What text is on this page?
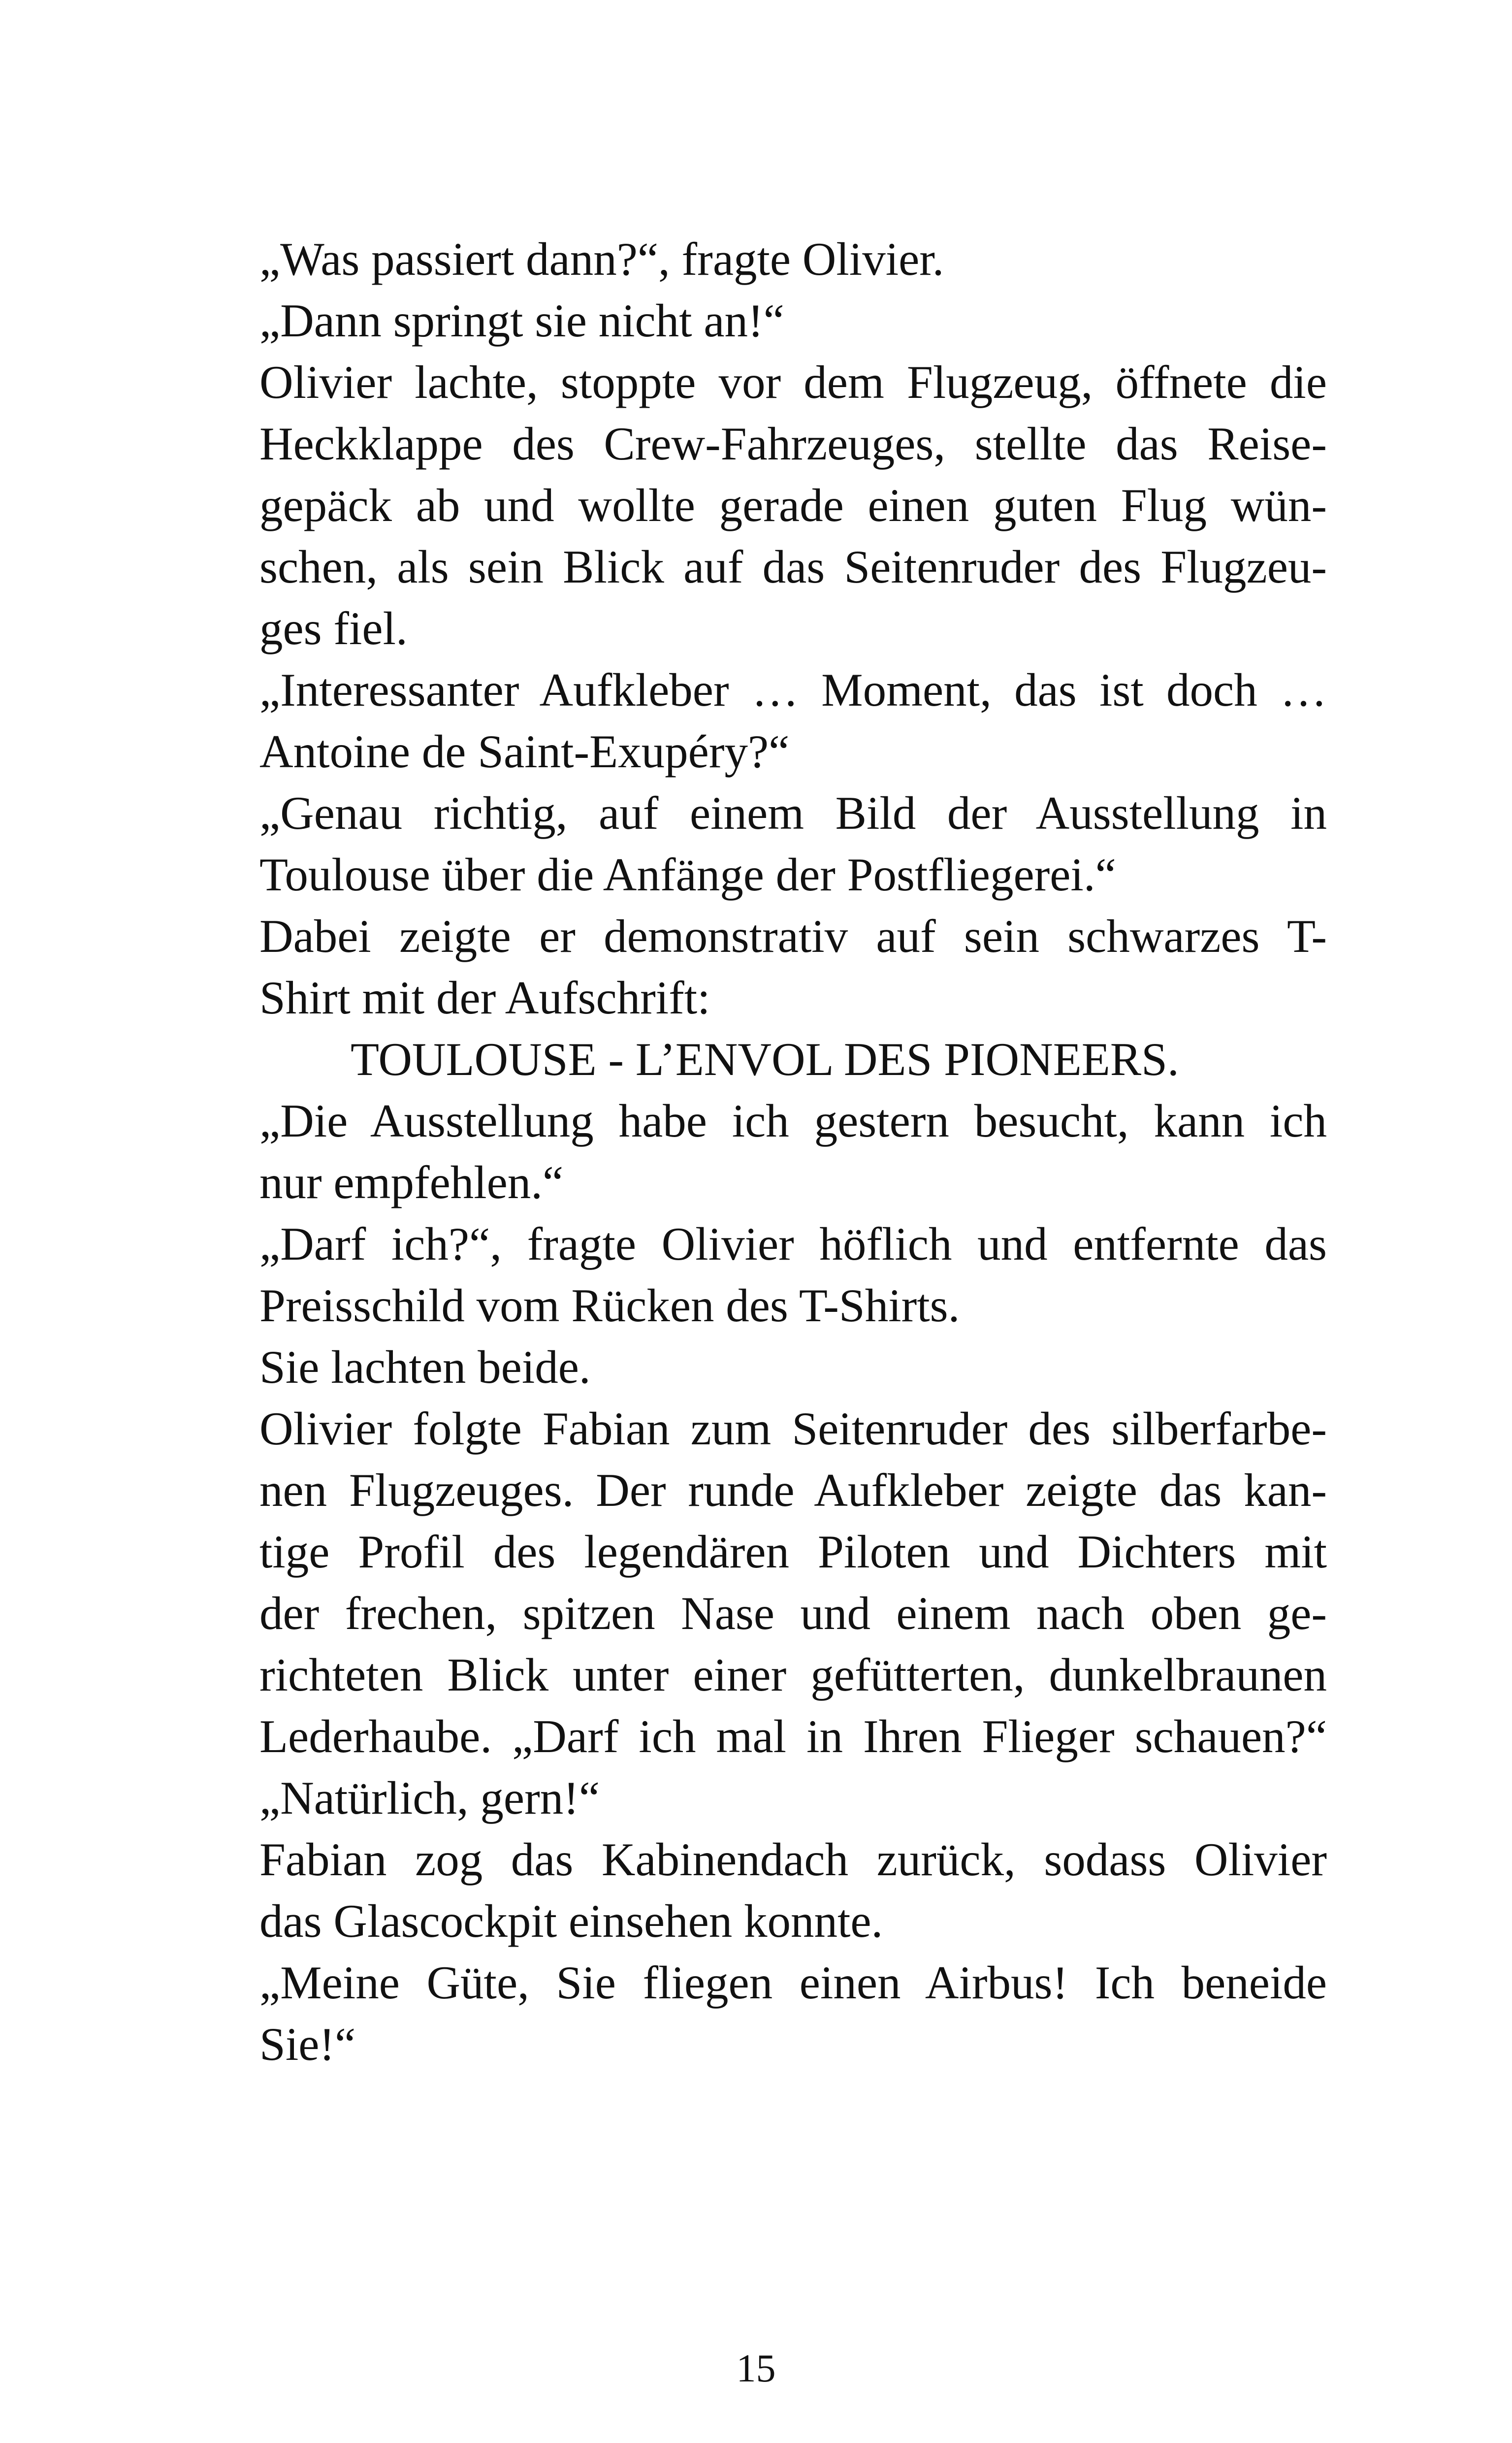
„Was passiert dann?“, fragte Olivier.
„Dann springt sie nicht an!“
Olivier lachte, stoppte vor dem Flugzeug, öffnete die
Heckklappe des Crew-Fahrzeuges, stellte das Reise-
gepäck ab und wollte gerade einen guten Flug wün-
schen, als sein Blick auf das Seitenruder des Flugzeu-
ges fiel.
„Interessanter Aufkleber … Moment, das ist doch …
Antoine de Saint-Exupéry?“
„Genau richtig, auf einem Bild der Ausstellung in
Toulouse über die Anfänge der Postfliegerei.“
Dabei zeigte er demonstrativ auf sein schwarzes T-
Shirt mit der Aufschrift:
TOULOUSE - L’ENVOL DES PIONEERS.
„Die Ausstellung habe ich gestern besucht, kann ich
nur empfehlen.“
„Darf ich?“, fragte Olivier höflich und entfernte das
Preisschild vom Rücken des T-Shirts.
Sie lachten beide.
Olivier folgte Fabian zum Seitenruder des silberfarbe-
nen Flugzeuges. Der runde Aufkleber zeigte das kan-
tige Profil des legendären Piloten und Dichters mit
der frechen, spitzen Nase und einem nach oben ge-
richteten Blick unter einer gefütterten, dunkelbraunen
Lederhaube. „Darf ich mal in Ihren Flieger schauen?“
„Natürlich, gern!“
Fabian zog das Kabinendach zurück, sodass Olivier
das Glascockpit einsehen konnte.
„Meine Güte, Sie fliegen einen Airbus! Ich beneide
Sie!“
15
